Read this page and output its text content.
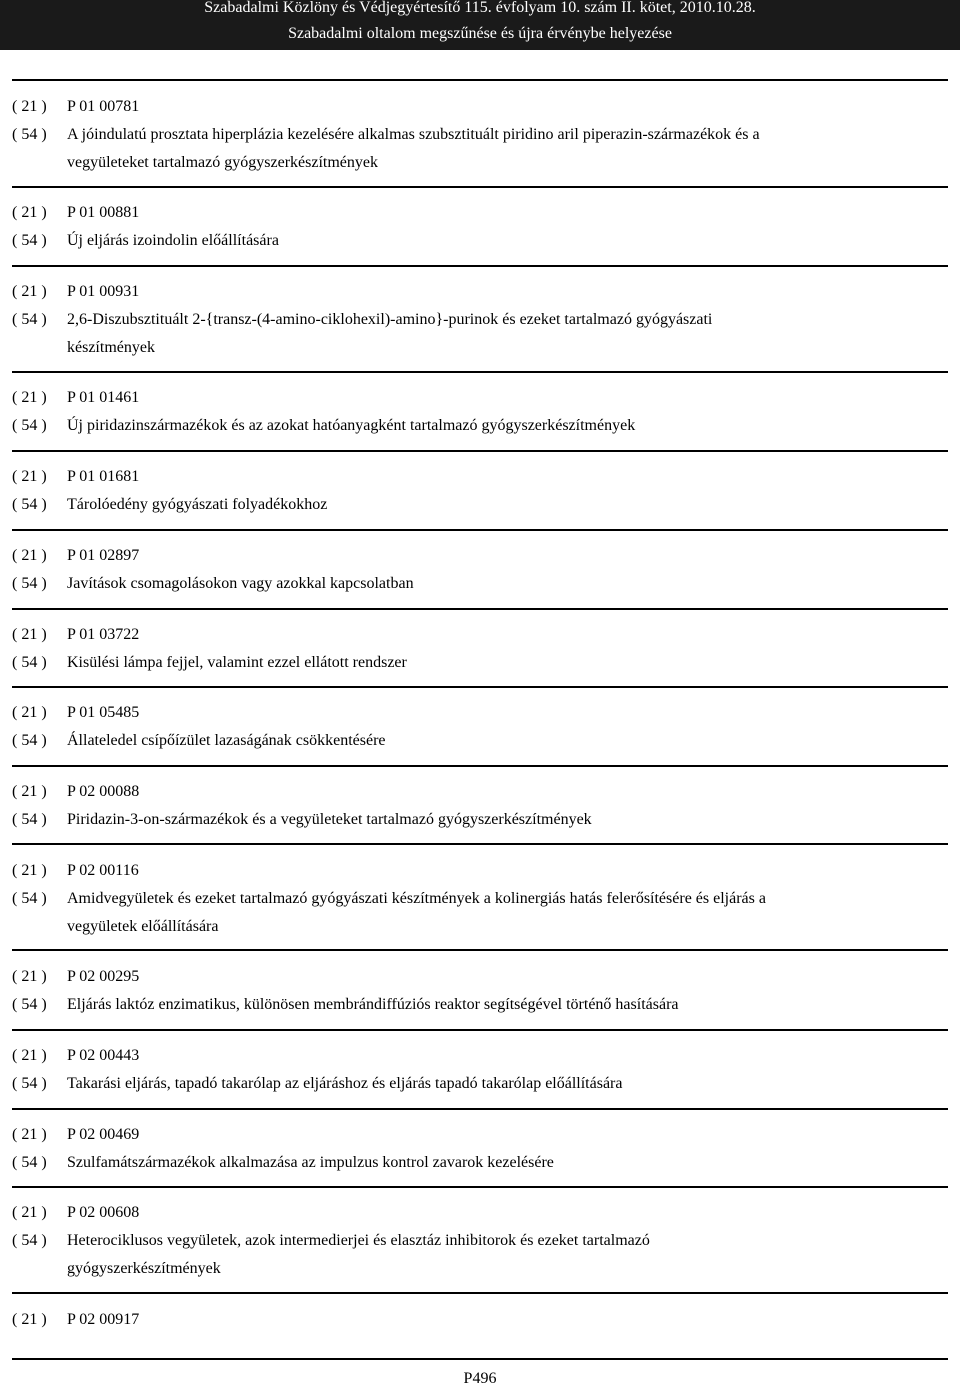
Szabadalmi Közlöny és Védjegyértesítő 115. évfolyam 10. szám II. kötet, 2010.10.28.
Szabadalmi oltalom megszűnése és újra érvénybe helyezése
( 21 )	P 01 00781
( 54 )	A jóindulatú prosztata hiperplázia kezelésére alkalmas szubsztituált piridino aril piperazin-származékok és a
vegyületeket tartalmazó gyógyszerkészítmények
( 21 )	P 01 00881
( 54 )	Új eljárás izoindolin előállítására
( 21 )	P 01 00931
( 54 )	2,6-Diszubsztituált 2-{transz-(4-amino-ciklohexil)-amino}-purinok és ezeket tartalmazó gyógyászati
készítmények
( 21 )	P 01 01461
( 54 )	Új piridazinszármazékok és az azokat hatóanyagként tartalmazó gyógyszerkészítmények
( 21 )	P 01 01681
( 54 )	Tárolóedény gyógyászati folyadékokhoz
( 21 )	P 01 02897
( 54 )	Javítások csomagolásokon vagy azokkal kapcsolatban
( 21 )	P 01 03722
( 54 )	Kisülési lámpa fejjel, valamint ezzel ellátott rendszer
( 21 )	P 01 05485
( 54 )	Állateledel csípőízület lazaságának csökkentésére
( 21 )	P 02 00088
( 54 )	Piridazin-3-on-származékok és a vegyületeket tartalmazó gyógyszerkészítmények
( 21 )	P 02 00116
( 54 )	Amidvegyületek és ezeket tartalmazó gyógyászati készítmények a kolinergiás hatás felerősítésére és eljárás a
vegyületek előállítására
( 21 )	P 02 00295
( 54 )	Eljárás laktóz enzimatikus, különösen membrándiffúziós reaktor segítségével történő hasítására
( 21 )	P 02 00443
( 54 )	Takarási eljárás, tapadó takarólap az eljáráshoz és eljárás tapadó takarólap előállítására
( 21 )	P 02 00469
( 54 )	Szulfamátszármazékok alkalmazása az impulzus kontrol zavarok kezelésére
( 21 )	P 02 00608
( 54 )	Heterociklusos vegyületek, azok intermedierjei és elasztáz inhibitorok és ezeket tartalmazó
gyógyszerkészítmények
( 21 )	P 02 00917
P496
